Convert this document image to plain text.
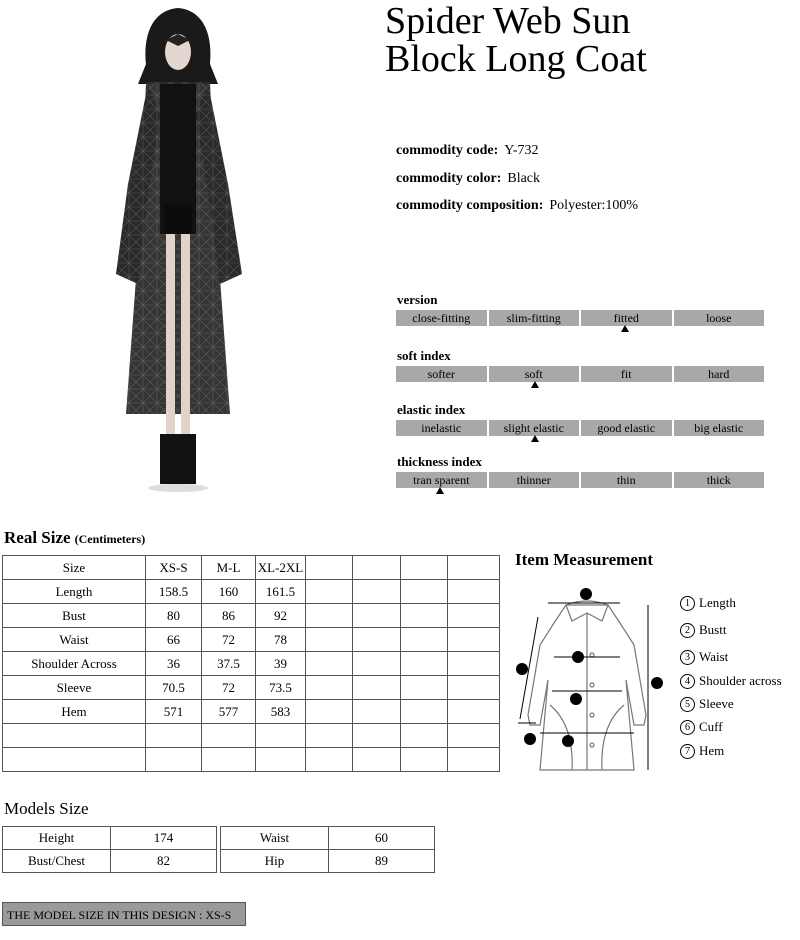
Spider Web Sun
Block Long Coat
commodity code: Y-732
commodity color: Black
commodity composition: Polyester:100%
version
close-fitting	slim-fitting	fitted	loose
soft index
softer	soft	fit	hard
elastic index
inelastic	slight elastic	good elastic	big elastic
thickness index
tran sparent	thinner	thin	thick
Real Size (Centimeters)
Size	XS-S	M-L	XL-2XL				
Length	158.5	160	161.5				
Bust	80	86	92				
Waist	66	72	78				
Shoulder Across	36	37.5	39				
Sleeve	70.5	72	73.5				
Hem	571	577	583				

Item Measurement
1 Length
2 Bustt
3 Waist
4 Shoulder across
5 Sleeve
6 Cuff
7 Hem
Models Size
Height	174
Bust/Chest	82
Waist	60
Hip	89
THE MODEL SIZE IN THIS DESIGN : XS-S
